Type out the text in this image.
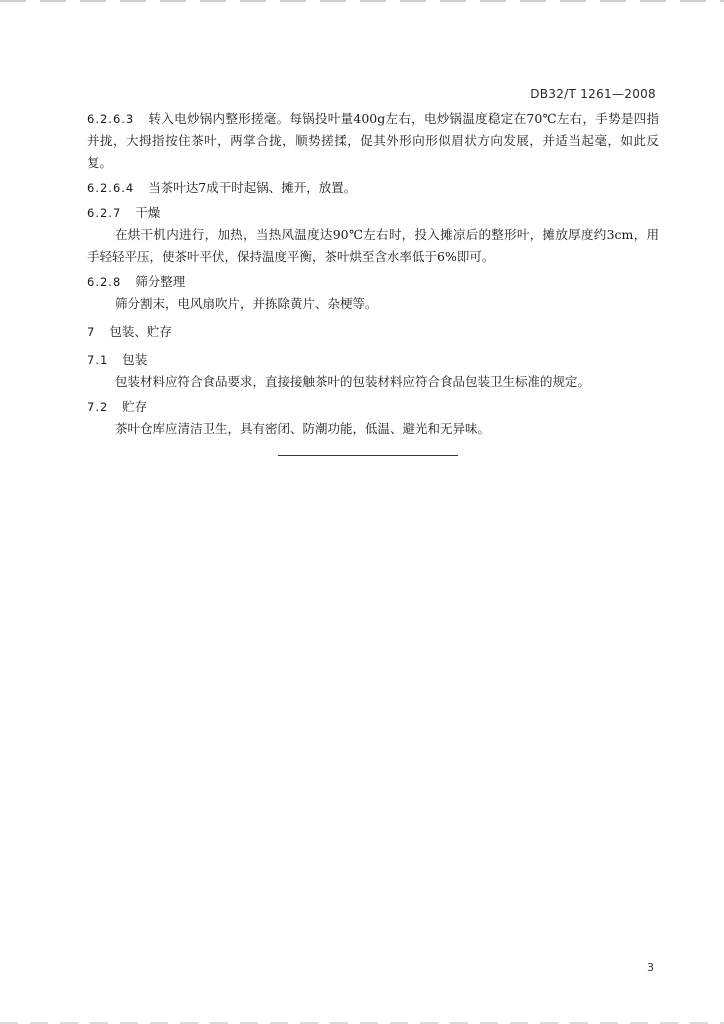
DB32/T 1261—2008

6.2.6.3 转入电炒锅内整形搓毫。每锅投叶量400g左右，电炒锅温度稳定在70℃左右，手势是四指并拢，大拇指按住茶叶，两掌合拢，顺势搓揉，促其外形向形似眉状方向发展，并适当起毫，如此反复。

6.2.6.4 当茶叶达7成干时起锅、摊开，放置。

6.2.7 干燥

在烘干机内进行，加热，当热风温度达90℃左右时，投入摊凉后的整形叶，摊放厚度约3cm，用手轻轻平压，使茶叶平伏，保持温度平衡，茶叶烘至含水率低于6%即可。

6.2.8 筛分整理

筛分割末，电风扇吹片，并拣除黄片、杂梗等。

7 包装、贮存

7.1 包装

包装材料应符合食品要求，直接接触茶叶的包装材料应符合食品包装卫生标准的规定。

7.2 贮存

茶叶仓库应清洁卫生，具有密闭、防潮功能，低温、避光和无异味。

3
